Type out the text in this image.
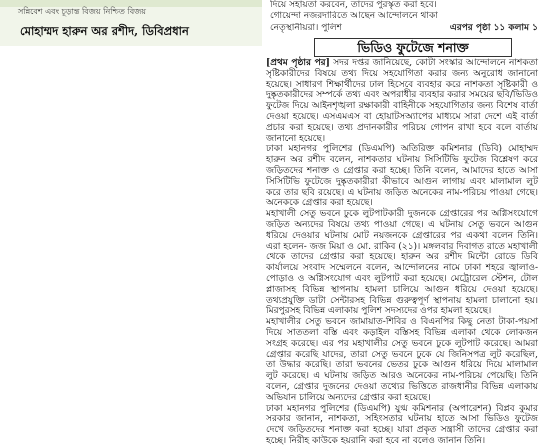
সন্নিবেশ এবং চূড়ান্ত বিজয় নিশ্চিত বিজয়
মোহাম্মদ হারুন অর রশীদ, ডিবিপ্রধান
দিয়ে সহায়তা করবেন, তাদের পুরস্কৃত করা হবে।
গোয়েন্দা নজরদারিতে আছেন আন্দোলনে থাকা
নেতৃস্থানীয়রা। পুলিশ	এরপর পৃষ্ঠা ১১ কলাম ১
ভিডিও ফুটেজে শনাক্ত

[প্রথম পৃষ্ঠার পর] সদর দপ্তর জানিয়েছে, কোটা সংস্কার আন্দোলনে নাশকতা সৃষ্টিকারীদের বিষয়ে তথ্য দিয়ে সহযোগিতা করার জন্য অনুরোধ জানানো হয়েছে। সাধারণ শিক্ষার্থীদের ঢাল হিসেবে ব্যবহার করে নাশকতা সৃষ্টিকারী ও দুষ্কৃতকারীদের সম্পর্কে তথ্য এবং অপরাধীর ব্যবহার করার সময়ের ছবি/ভিডিও ফুটেজ দিয়ে আইনশৃঙ্খলা রক্ষাকারী বাহিনীকে সহযোগিতার জন্য বিশেষ বার্তা দেওয়া হয়েছে। এসএমএস বা হোয়াটসঅ্যাপের মাধ্যমে সারা দেশে এই বার্তা প্রচার করা হয়েছে। তথ্য প্রদানকারীর পরিচয় গোপন রাখা হবে বলে বার্তায় জানানো হয়েছে।

ঢাকা মহানগর পুলিশের (ডিএমপি) অতিরিক্ত কমিশনার (ডিবি) মোহাম্মদ হারুন অর রশীদ বলেন, নাশকতার ঘটনায় সিসিটিভি ফুটেজ বিশ্লেষণ করে জড়িতদের শনাক্ত ও গ্রেপ্তার করা হচ্ছে। তিনি বলেন, আমাদের হাতে আসা সিসিটিভি ফুটেজে দুষ্কৃতকারীরা কীভাবে আগুন লাগায় এবং মালামাল লুট করে তার ছবি রয়েছে। এ ঘটনায় জড়িত অনেকের নাম-পরিচয় পাওয়া গেছে। অনেককে গ্রেপ্তার করা হয়েছে।

মহাখালী সেতু ভবনে ঢুকে লুটপাটকারী দুজনকে গ্রেপ্তারের পর অগ্নিসংযোগে জড়িত অন্যদের বিষয়ে তথ্য পাওয়া গেছে। এ ঘটনায় সেতু ভবনে আগুন ধরিয়ে দেওয়ার ঘটনায় মোট নয়জনকে গ্রেপ্তারের পর একথা বলেন তিনি। এরা হলেন- জজ মিয়া ও মো. রাকিব (২১)। মঙ্গলবার দিবাগত রাতে মহাখালী থেকে তাদের গ্রেপ্তার করা হয়েছে। হারুন অর রশীদ মিন্টো রোডে ডিবি কার্যালয়ে সংবাদ সম্মেলনে বলেন, আন্দোলনের নামে ঢাকা শহরে জ্বালাও-পোড়াও ও অগ্নিসংযোগ এবং লুটপাট করা হয়েছে। মেট্রোরেল স্টেশন, টোল প্লাজাসহ বিভিন্ন স্থাপনায় হামলা চালিয়ে আগুন ধরিয়ে দেওয়া হয়েছে। তথ্যপ্রযুক্তি ডাটা সেন্টারসহ বিভিন্ন গুরুত্বপূর্ণ স্থাপনায় হামলা চালানো হয়। মিরপুরসহ বিভিন্ন এলাকায় পুলিশ সদস্যদের ওপর হামলা হয়েছে।

মহাখালীর সেতু ভবনে জামায়াত-শিবির ও বিএনপির কিছু নেতা টাকা-পয়সা দিয়ে সাততলা বস্তি এবং কড়াইল বস্তিসহ বিভিন্ন এলাকা থেকে লোকজন সংগ্রহ করেছে। এর পর মহাখালীর সেতু ভবনে ঢুকে লুটপাট করেছে। আমরা গ্রেপ্তার করেছি যাদের, তারা সেতু ভবনে ঢুকে যে জিনিসপত্র লুট করেছিল, তা উদ্ধার করেছি। তারা ভবনের ভেতর ঢুকে আগুন ধরিয়ে দিয়ে মালামাল লুট করেছে। এ ঘটনায় জড়িত আরও অনেকের নাম-পরিচয় পেয়েছি। তিনি বলেন, গ্রেপ্তার দুজনের দেওয়া তথ্যের ভিত্তিতে রাজধানীর বিভিন্ন এলাকায় অভিযান চালিয়ে অন্যদের গ্রেপ্তার করা হয়েছে।

ঢাকা মহানগর পুলিশের (ডিএমপি) যুগ্ম কমিশনার (অপারেশন) বিপ্লব কুমার সরকার জানান, নাশকতা, সহিংসতার ঘটনায় হাতে আসা ভিডিও ফুটেজ দেখে জড়িতদের শনাক্ত করা হচ্ছে। যারা প্রকৃত সন্ত্রাসী তাদের গ্রেপ্তার করা হচ্ছে। নিরীহ কাউকে হয়রানি করা হবে না বলেও জানান তিনি।
